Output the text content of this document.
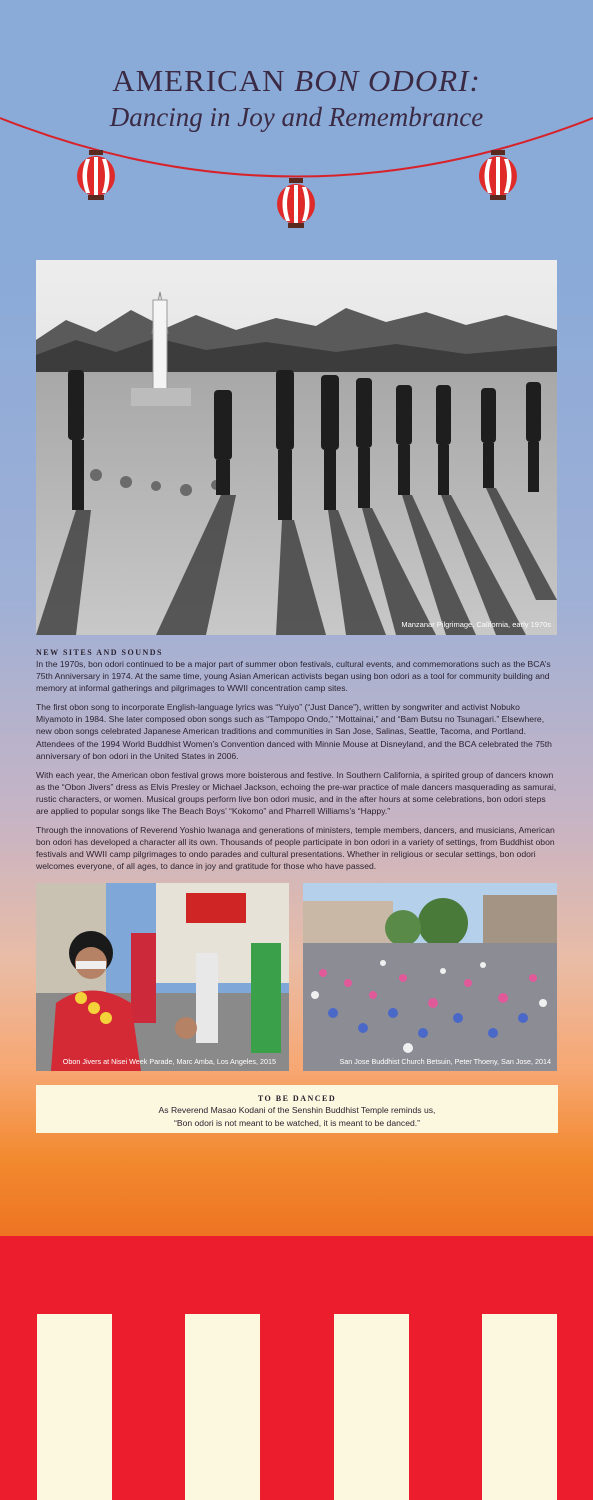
AMERICAN BON ODORI:
Dancing in Joy and Remembrance
Manzanar Pilgrimage, California, early 1970s
NEW SITES AND SOUNDS

In the 1970s, bon odori continued to be a major part of summer obon festivals, cultural events, and commemorations such as the BCA’s 75th Anniversary in 1974. At the same time, young Asian American activists began using bon odori as a tool for community building and memory at informal gatherings and pilgrimages to WWII concentration camp sites.

The first obon song to incorporate English-language lyrics was “Yuiyo” (“Just Dance”), written by songwriter and activist Nobuko Miyamoto in 1984. She later composed obon songs such as “Tampopo Ondo,” “Mottainai,” and “Bam Butsu no Tsunagari.” Elsewhere, new obon songs celebrated Japanese American traditions and communities in San Jose, Salinas, Seattle, Tacoma, and Portland. Attendees of the 1994 World Buddhist Women’s Convention danced with Minnie Mouse at Disneyland, and the BCA celebrated the 75th anniversary of bon odori in the United States in 2006.

With each year, the American obon festival grows more boisterous and festive. In Southern California, a spirited group of dancers known as the “Obon Jivers” dress as Elvis Presley or Michael Jackson, echoing the pre-war practice of male dancers masquerading as samurai, rustic characters, or women. Musical groups perform live bon odori music, and in the after hours at some celebrations, bon odori steps are applied to popular songs like The Beach Boys’ “Kokomo” and Pharrell Williams’s “Happy.”

Through the innovations of Reverend Yoshio Iwanaga and generations of ministers, temple members, dancers, and musicians, American bon odori has developed a character all its own. Thousands of people participate in bon odori in a variety of settings, from Buddhist obon festivals and WWII camp pilgrimages to ondo parades and cultural presentations. Whether in religious or secular settings, bon odori welcomes everyone, of all ages, to dance in joy and gratitude for those who have passed.

Obon Jivers at Nisei Week Parade, Marc Amba, Los Angeles, 2015	San Jose Buddhist Church Betsuin, Peter Thoeny, San Jose, 2014
TO BE DANCED
As Reverend Masao Kodani of the Senshin Buddhist Temple reminds us,
“Bon odori is not meant to be watched, it is meant to be danced.”
